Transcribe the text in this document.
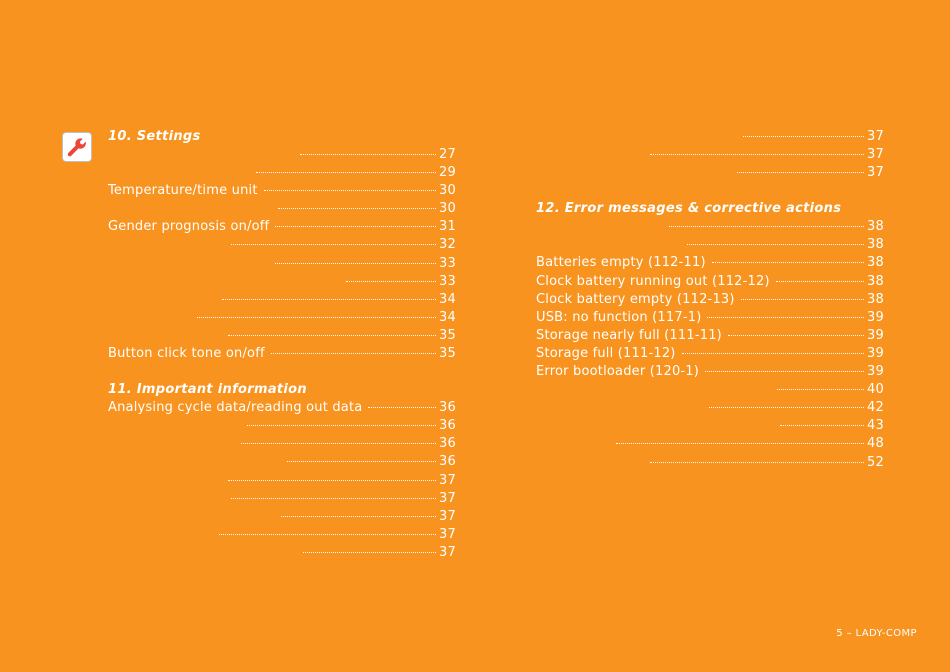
10. Settings
27
29
Temperature/time unit	30
30
Gender prognosis on/off	31
32
33
33
34
34
35
Button click tone on/off	35
11. Important information
Analysing cycle data/reading out data	36
36
36
36
37
37
37
37
37
37
37
37
12. Error messages & corrective actions
38
38
Batteries empty (112-11)	38
Clock battery running out (112-12)	38
Clock battery empty (112-13)	38
USB: no function (117-1)	39
Storage nearly full (111-11)	39
Storage full (111-12)	39
Error bootloader (120-1)	39
40
42
43
48
52
5 – LADY-COMP
